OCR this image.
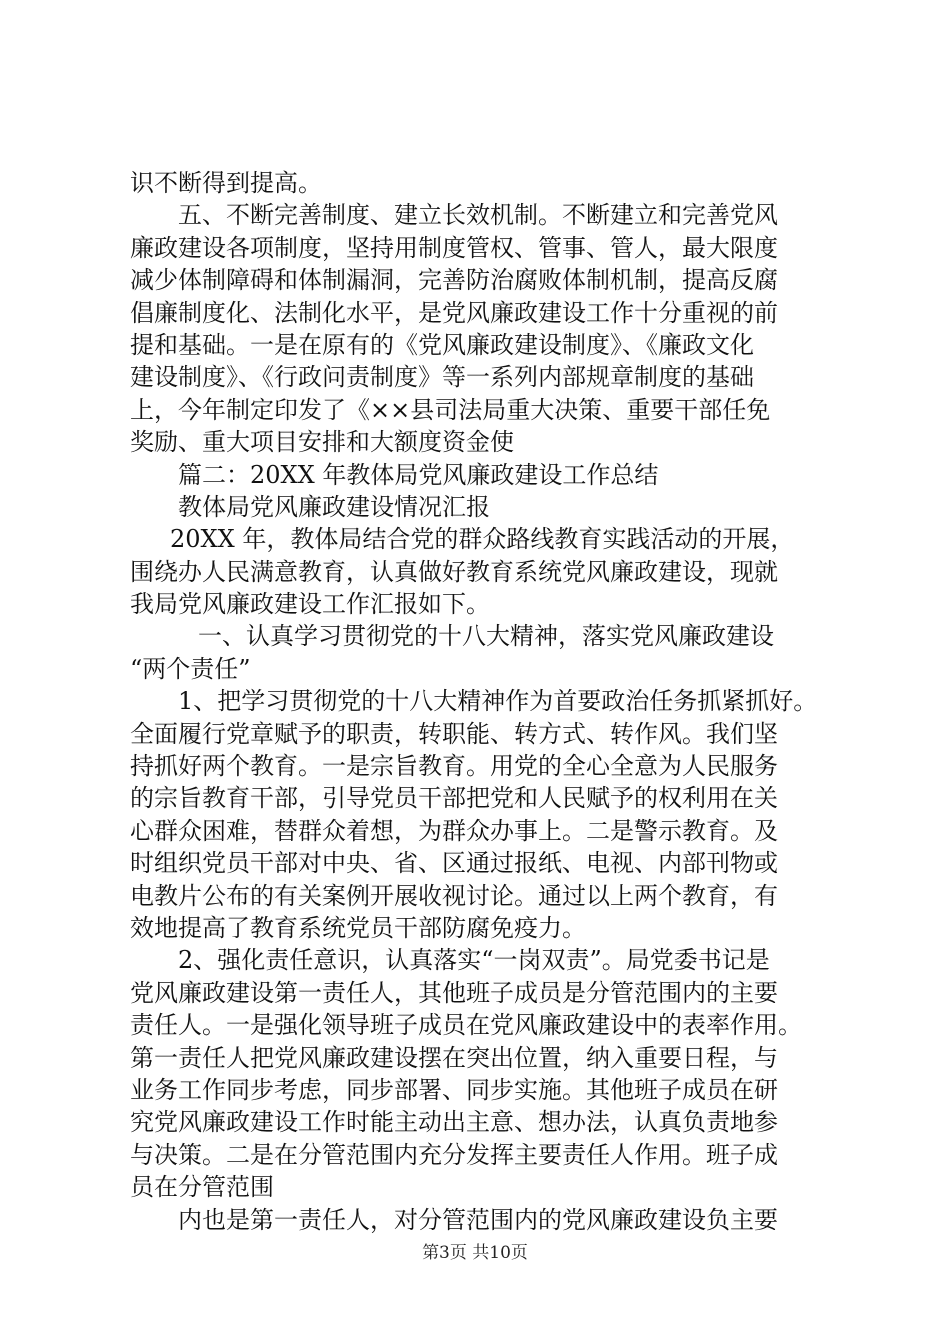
识不断得到提高。
五、不断完善制度、建立长效机制。不断建立和完善党风
廉政建设各项制度，坚持用制度管权、管事、管人，最大限度
减少体制障碍和体制漏洞，完善防治腐败体制机制，提高反腐
倡廉制度化、法制化水平，是党风廉政建设工作十分重视的前
提和基础。一是在原有的《党风廉政建设制度》、《廉政文化
建设制度》、《行政问责制度》等一系列内部规章制度的基础
上，今年制定印发了《××县司法局重大决策、重要干部任免
奖励、重大项目安排和大额度资金使
篇二：20XX 年教体局党风廉政建设工作总结
教体局党风廉政建设情况汇报
20XX 年，教体局结合党的群众路线教育实践活动的开展，
围绕办人民满意教育，认真做好教育系统党风廉政建设，现就
我局党风廉政建设工作汇报如下。
一、认真学习贯彻党的十八大精神，落实党风廉政建设
“两个责任”
1、把学习贯彻党的十八大精神作为首要政治任务抓紧抓好。
全面履行党章赋予的职责，转职能、转方式、转作风。我们坚
持抓好两个教育。一是宗旨教育。用党的全心全意为人民服务
的宗旨教育干部，引导党员干部把党和人民赋予的权利用在关
心群众困难，替群众着想，为群众办事上。二是警示教育。及
时组织党员干部对中央、省、区通过报纸、电视、内部刊物或
电教片公布的有关案例开展收视讨论。通过以上两个教育，有
效地提高了教育系统党员干部防腐免疫力。
2、强化责任意识，认真落实“一岗双责”。局党委书记是
党风廉政建设第一责任人，其他班子成员是分管范围内的主要
责任人。一是强化领导班子成员在党风廉政建设中的表率作用。
第一责任人把党风廉政建设摆在突出位置，纳入重要日程，与
业务工作同步考虑，同步部署、同步实施。其他班子成员在研
究党风廉政建设工作时能主动出主意、想办法，认真负责地参
与决策。二是在分管范围内充分发挥主要责任人作用。班子成
员在分管范围
内也是第一责任人，对分管范围内的党风廉政建设负主要
第3页 共10页
